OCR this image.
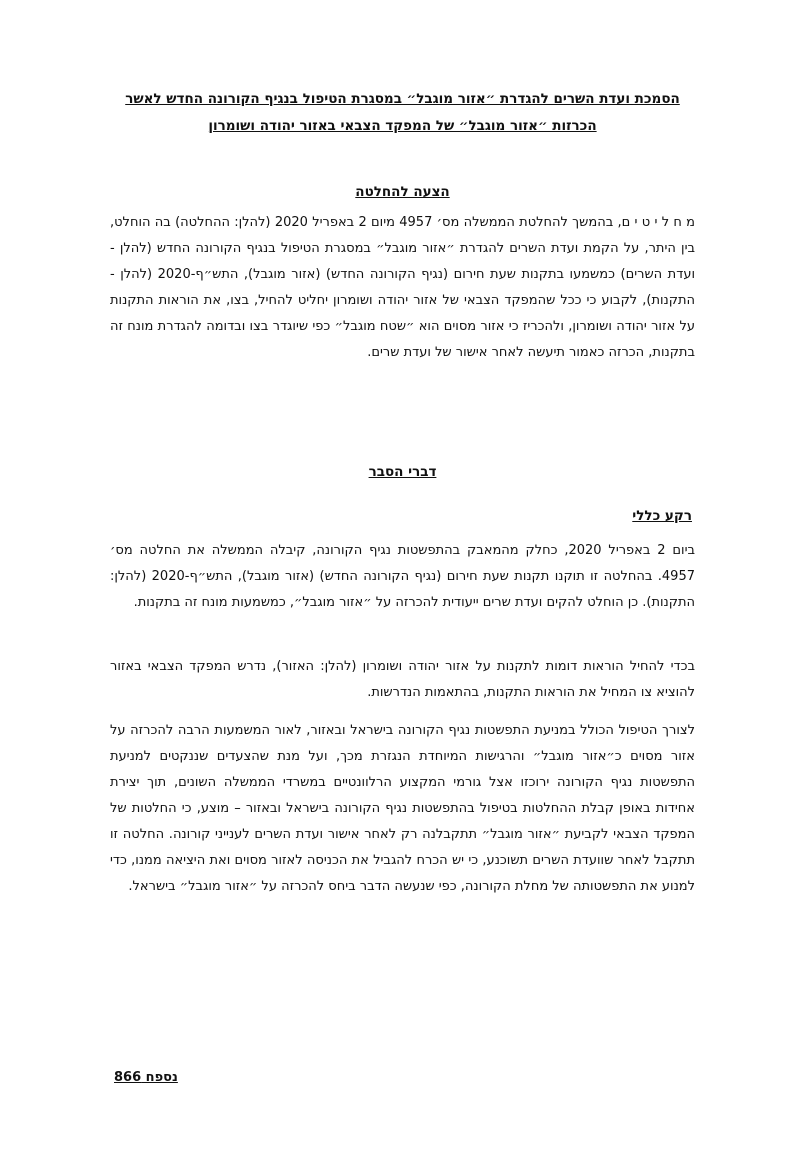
הסמכת ועדת השרים להגדרת ״אזור מוגבל״ במסגרת הטיפול בנגיף הקורונה החדש לאשר הכרזות ״אזור מוגבל״ של המפקד הצבאי באזור יהודה ושומרון
הצעה להחלטה

מ ח ל י ט י ם, בהמשך להחלטת הממשלה מס׳ 4957 מיום 2 באפריל 2020 (להלן: ההחלטה) בה הוחלט, בין היתר, על הקמת ועדת השרים להגדרת ״אזור מוגבל״ במסגרת הטיפול בנגיף הקורונה החדש (להלן - ועדת השרים) כמשמעו בתקנות שעת חירום (נגיף הקורונה החדש) (אזור מוגבל), התש״ף-2020 (להלן - התקנות), לקבוע כי ככל שהמפקד הצבאי של אזור יהודה ושומרון יחליט להחיל, בצו, את הוראות התקנות על אזור יהודה ושומרון, ולהכריז כי אזור מסוים הוא ״שטח מוגבל״ כפי שיוגדר בצו ובדומה להגדרת מונח זה בתקנות, הכרזה כאמור תיעשה לאחר אישור של ועדת שרים.

דברי הסבר
רקע כללי

ביום 2 באפריל 2020, כחלק מהמאבק בהתפשטות נגיף הקורונה, קיבלה הממשלה את החלטה מס׳ 4957. בהחלטה זו תוקנו תקנות שעת חירום (נגיף הקורונה החדש) (אזור מוגבל), התש״ף-2020 (להלן: התקנות). כן הוחלט להקים ועדת שרים ייעודית להכרזה על ״אזור מוגבל״, כמשמעות מונח זה בתקנות.

בכדי להחיל הוראות דומות לתקנות על אזור יהודה ושומרון (להלן: האזור), נדרש המפקד הצבאי באזור להוציא צו המחיל את הוראות התקנות, בהתאמות הנדרשות.

לצורך הטיפול הכולל במניעת התפשטות נגיף הקורונה בישראל ובאזור, לאור המשמעות הרבה להכרזה על אזור מסוים כ״אזור מוגבל״ והרגישות המיוחדת הנגזרת מכך, ועל מנת שהצעדים שננקטים למניעת התפשטות נגיף הקורונה ירוכזו אצל גורמי המקצוע הרלוונטיים במשרדי הממשלה השונים, תוך יצירת אחידות באופן קבלת ההחלטות בטיפול בהתפשטות נגיף הקורונה בישראל ובאזור – מוצע, כי החלטות של המפקד הצבאי לקביעת ״אזור מוגבל״ תתקבלנה רק לאחר אישור ועדת השרים לענייני קורונה. החלטה זו תתקבל לאחר שוועדת השרים תשוכנע, כי יש הכרח להגביל את הכניסה לאזור מסוים ואת היציאה ממנו, כדי למנוע את התפשטותה של מחלת הקורונה, כפי שנעשה הדבר ביחס להכרזה על ״אזור מוגבל״ בישראל.

נספח 866
